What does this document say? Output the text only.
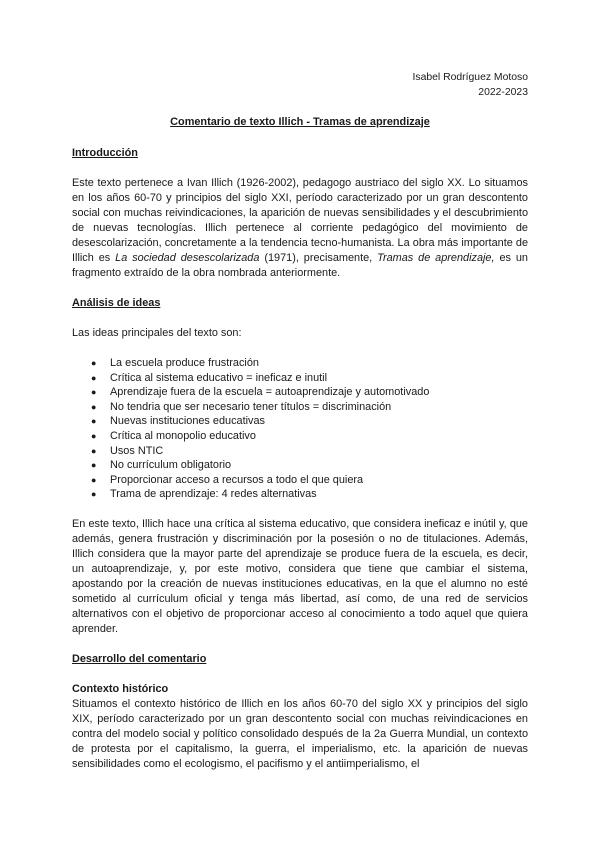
Isabel Rodríguez Motoso
2022-2023
Comentario de texto Illich - Tramas de aprendizaje
Introducción

Este texto pertenece a Ivan Illich (1926-2002), pedagogo austriaco del siglo XX. Lo situamos en los años 60-70 y principios del siglo XXI, período caracterizado por un gran descontento social con muchas reivindicaciones, la aparición de nuevas sensibilidades y el descubrimiento de nuevas tecnologías. Illich pertenece al corriente pedagógico del movimiento de desescolarización, concretamente a la tendencia tecno-humanista. La obra más importante de Illich es La sociedad desescolarizada (1971), precisamente, Tramas de aprendizaje, es un fragmento extraído de la obra nombrada anteriormente.

Análisis de ideas

Las ideas principales del texto son:

● La escuela produce frustración
● Crítica al sistema educativo = ineficaz e inutil
● Aprendizaje fuera de la escuela = autoaprendizaje y automotivado
● No tendria que ser necesario tener títulos = discriminación
● Nuevas instituciones educativas
● Crítica al monopolio educativo
● Usos NTIC
● No currículum obligatorio
● Proporcionar acceso a recursos a todo el que quiera
● Trama de aprendizaje: 4 redes alternativas

En este texto, Illich hace una crítica al sistema educativo, que considera ineficaz e inútil y, que además, genera frustración y discriminación por la posesión o no de titulaciones. Además, Illich considera que la mayor parte del aprendizaje se produce fuera de la escuela, es decir, un autoaprendizaje, y, por este motivo, considera que tiene que cambiar el sistema, apostando por la creación de nuevas instituciones educativas, en la que el alumno no esté sometido al currículum oficial y tenga más libertad, así como, de una red de servicios alternativos con el objetivo de proporcionar acceso al conocimiento a todo aquel que quiera aprender.

Desarrollo del comentario
Contexto histórico

Situamos el contexto histórico de Illich en los años 60-70 del siglo XX y principios del siglo XIX, período caracterizado por un gran descontento social con muchas reivindicaciones en contra del modelo social y político consolidado después de la 2a Guerra Mundial, un contexto de protesta por el capitalismo, la guerra, el imperialismo, etc. la aparición de nuevas sensibilidades como el ecologismo, el pacifismo y el antiimperialismo, el
